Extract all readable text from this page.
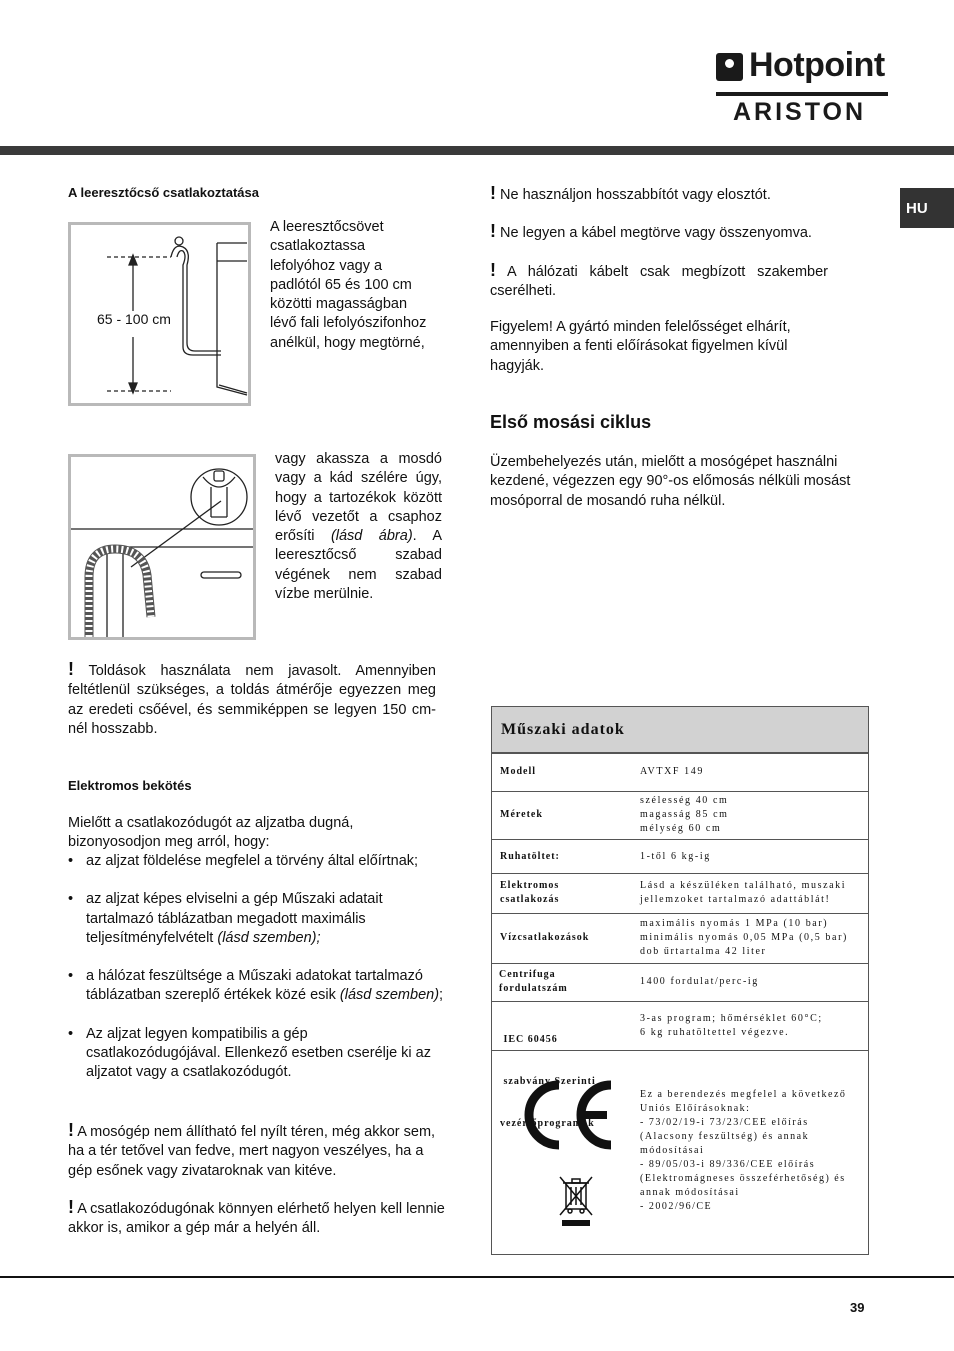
Hotpoint
ARISTON
HU
A leeresztőcső csatlakoztatása
65 - 100 cm
A leeresztőcsövet
csatlakoztassa
lefolyóhoz vagy a
padlótól 65 és 100 cm
közötti magasságban
lévő fali lefolyószifonhoz
anélkül, hogy megtörné,
vagy akassza a mosdó vagy a kád szélére úgy, hogy a tartozékok között lévő vezetőt a csaphoz erősíti (lásd ábra). A leeresztőcső szabad végének nem szabad vízbe merülnie.
! Toldások használata nem javasolt. Amennyiben feltétlenül szükséges, a toldás átmérője egyezzen meg az eredeti csőével, és semmiképpen se legyen 150 cm-nél hosszabb.
Elektromos bekötés
Mielőtt a csatlakozódugót az aljzatba dugná, bizonyosodjon meg arról, hogy:
• az aljzat földelése megfelel a törvény által előírtnak;
• az aljzat képes elviselni a gép Műszaki adatait tartalmazó táblázatban megadott maximális teljesítményfelvételt (lásd szemben);
• a hálózat feszültsége a Műszaki adatokat tartalmazó táblázatban szereplő értékek közé esik (lásd szemben);
• Az aljzat legyen kompatibilis a gép csatlakozódugójával. Ellenkező esetben cserélje ki az aljzatot vagy a csatlakozódugót.
! A mosógép nem állítható fel nyílt téren, még akkor sem, ha a tér tetővel van fedve, mert nagyon veszélyes, ha a gép esőnek vagy zivataroknak van kitéve.
! A csatlakozódugónak könnyen elérhető helyen kell lennie akkor is, amikor a gép már a helyén áll.
! Ne használjon hosszabbítót vagy elosztót.
! Ne legyen a kábel megtörve vagy összenyomva.
! A hálózati kábelt csak megbízott szakember cserélheti.
Figyelem! A gyártó minden felelősséget elhárít, amennyiben a fenti előírásokat figyelmen kívül hagyják.
Első mosási ciklus
Üzembehelyezés után, mielőtt a mosógépet használni kezdené, végezzen egy 90°-os előmosás nélküli mosást mosóporral de mosandó ruha nélkül.
Műszaki adatok
Modell	AVTXF 149
Méretek
szélesség 40 cm
magasság 85 cm
mélység 60 cm
Ruhatöltet:	1-től 6 kg-ig
Elektromos
csatlakozás
Lásd a készüléken található, muszaki
jellemzoket tartalmazó adattáblát!
Vízcsatlakozások
maximális nyomás 1 MPa (10 bar)
minimális nyomás 0,05 MPa (0,5 bar)
dob űrtartalma 42 liter
Centrifuga
fordulatszám
1400 fordulat/perc-ig

IEC 60456

szabvány Szerinti

vezérlőprogramok

3-as program; hőmérséklet 60°C;
6 kg ruhatöltettel végezve.
Ez a berendezés megfelel a következő
Uniós Előírásoknak:
- 73/02/19-i 73/23/CEE előírás
(Alacsony feszültség) és annak
módosításai
- 89/05/03-i 89/336/CEE előírás
(Elektromágneses összeférhetőség) és
annak módosításai
- 2002/96/CE
39
